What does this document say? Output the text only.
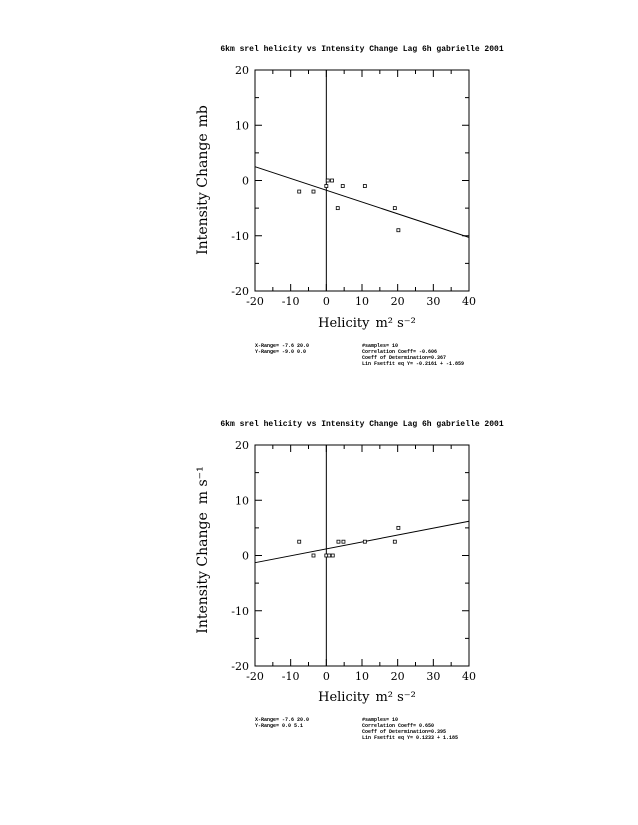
6km srel helicity vs Intensity Change Lag 6h gabrielle 2001
-20 -10 0 10 20 30 40
-20
-10
0
10
20
Helicity m² s⁻²
Intensity Changemb
X-Range= -7.6 20.0
Y-Range= -9.0 0.0
#samples= 10
Correlation Coeff= -0.606
Coeff of Determination=0.367
Lin Fsetfit eq Y= -0.2161 + -1.859
6km srel helicity vs Intensity Change Lag 6h gabrielle 2001
-20 -10 0 10 20 30 40
-20
-10
0
10
20
Helicity m² s⁻²
Intensity Changem s⁻¹
X-Range= -7.6 20.0
Y-Range= 0.0 5.1
#samples= 10
Correlation Coeff= 0.650
Coeff of Determination=0.395
Lin Fsetfit eq Y= 0.1233 + 1.185
